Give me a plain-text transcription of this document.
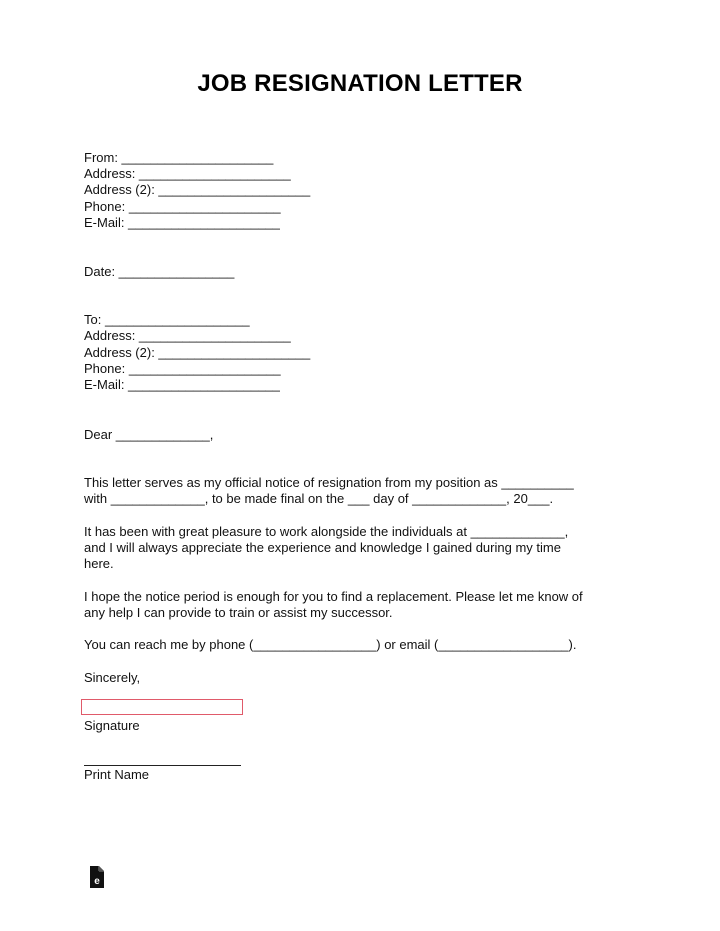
JOB RESIGNATION LETTER
From: _____________________
Address: _____________________
Address (2): _____________________
Phone: _____________________
E-Mail: _____________________
Date: ________________
To: ____________________
Address: _____________________
Address (2): _____________________
Phone: _____________________
E-Mail: _____________________
Dear _____________,
This letter serves as my official notice of resignation from my position as __________
with _____________, to be made final on the ___ day of _____________, 20___.
It has been with great pleasure to work alongside the individuals at _____________,
and I will always appreciate the experience and knowledge I gained during my time
here.
I hope the notice period is enough for you to find a replacement. Please let me know of
any help I can provide to train or assist my successor.
You can reach me by phone (_________________) or email (__________________).
Sincerely,
Signature
Print Name
e
